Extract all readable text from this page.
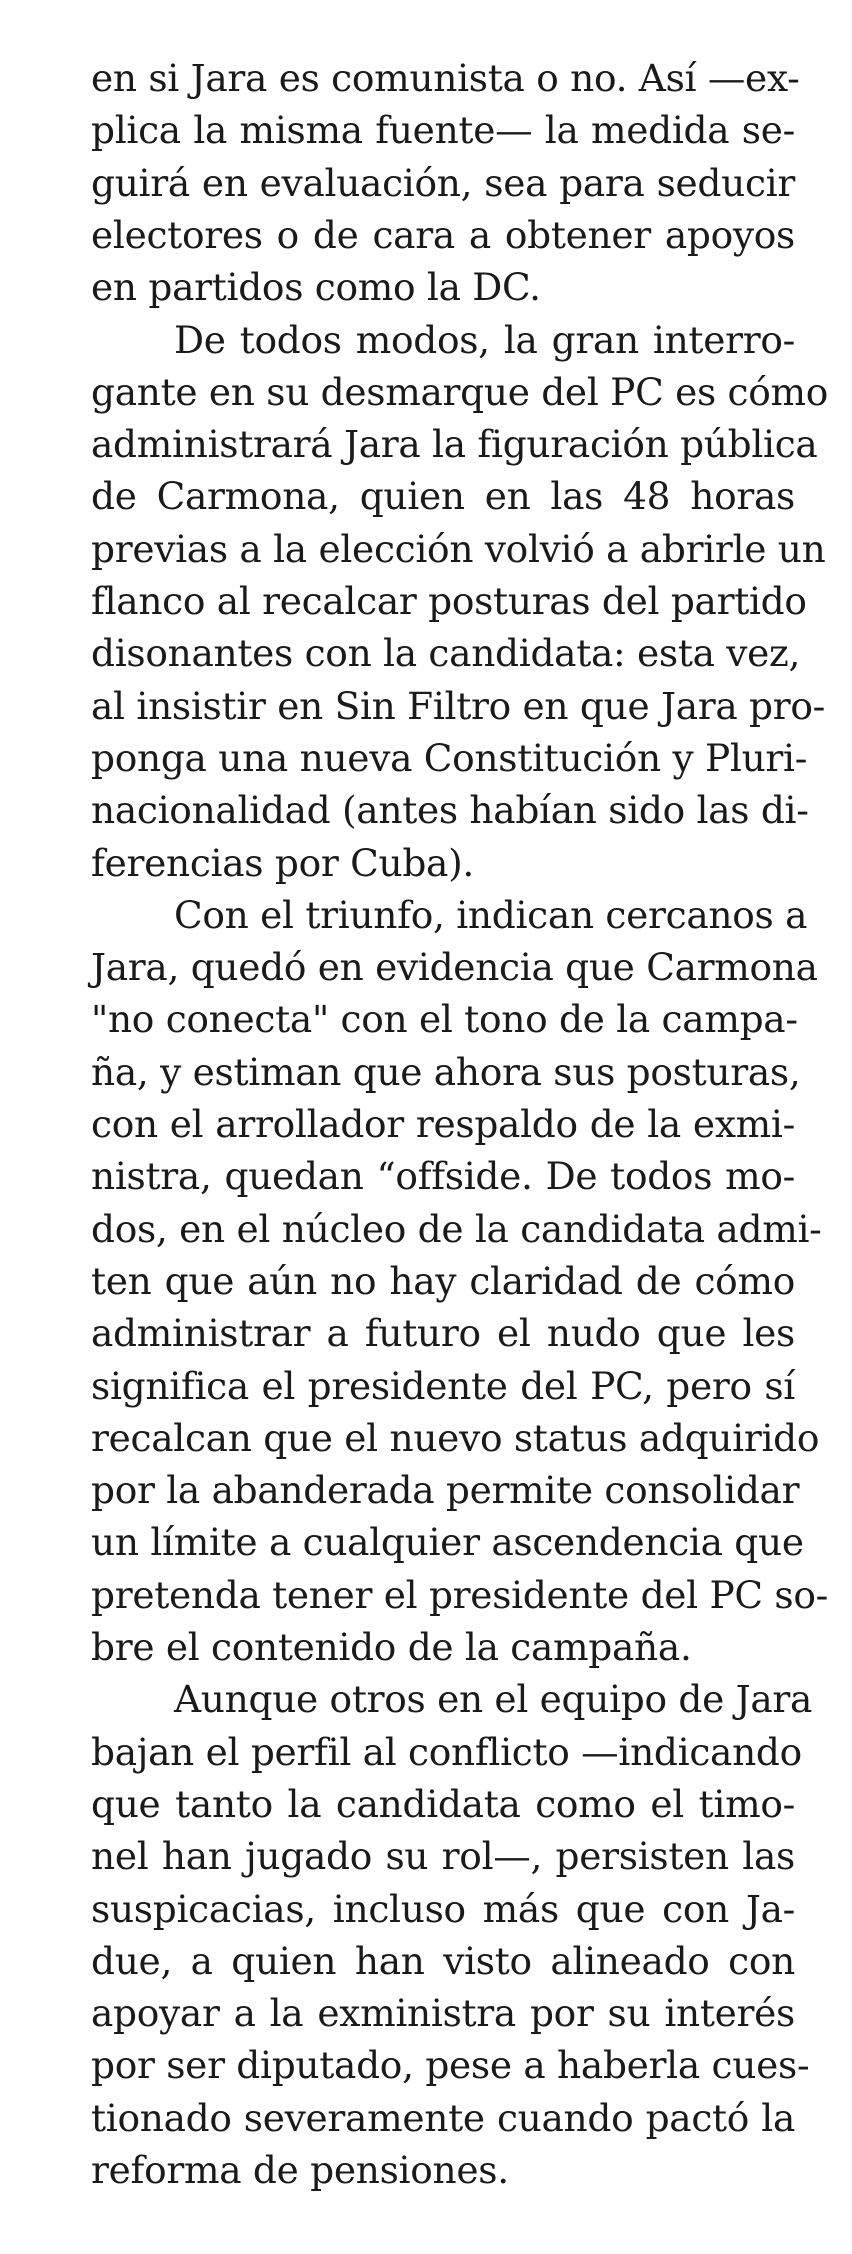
en si Jara es comunista o no. Así —ex-
plica la misma fuente— la medida se-
guirá en evaluación, sea para seducir
electores o de cara a obtener apoyos
en partidos como la DC.
De todos modos, la gran interro-
gante en su desmarque del PC es cómo
administrará Jara la figuración pública
de Carmona, quien en las 48 horas
previas a la elección volvió a abrirle un
flanco al recalcar posturas del partido
disonantes con la candidata: esta vez,
al insistir en Sin Filtro en que Jara pro-
ponga una nueva Constitución y Pluri-
nacionalidad (antes habían sido las di-
ferencias por Cuba).
Con el triunfo, indican cercanos a
Jara, quedó en evidencia que Carmona
"no conecta" con el tono de la campa-
ña, y estiman que ahora sus posturas,
con el arrollador respaldo de la exmi-
nistra, quedan “offside. De todos mo-
dos, en el núcleo de la candidata admi-
ten que aún no hay claridad de cómo
administrar a futuro el nudo que les
significa el presidente del PC, pero sí
recalcan que el nuevo status adquirido
por la abanderada permite consolidar
un límite a cualquier ascendencia que
pretenda tener el presidente del PC so-
bre el contenido de la campaña.
Aunque otros en el equipo de Jara
bajan el perfil al conflicto —indicando
que tanto la candidata como el timo-
nel han jugado su rol—, persisten las
suspicacias, incluso más que con Ja-
due, a quien han visto alineado con
apoyar a la exministra por su interés
por ser diputado, pese a haberla cues-
tionado severamente cuando pactó la
reforma de pensiones.
